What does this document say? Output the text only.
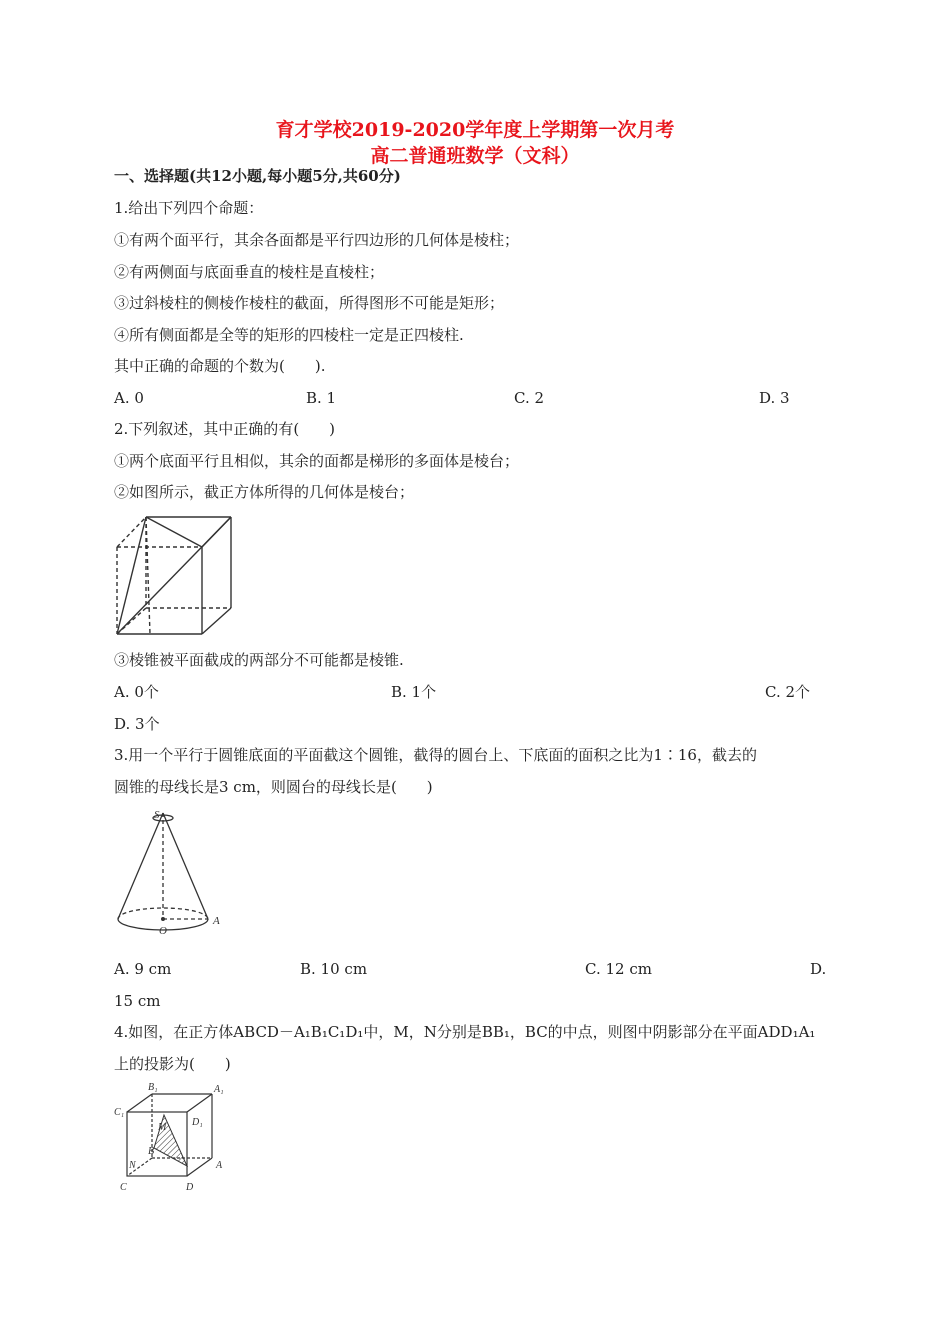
育才学校2019-2020学年度上学期第一次月考
高二普通班数学（文科）
一、选择题(共12小题,每小题5分,共60分)
1.给出下列四个命题：
①有两个面平行，其余各面都是平行四边形的几何体是棱柱；
②有两侧面与底面垂直的棱柱是直棱柱；
③过斜棱柱的侧棱作棱柱的截面，所得图形不可能是矩形；
④所有侧面都是全等的矩形的四棱柱一定是正四棱柱.
其中正确的命题的个数为(　　).
A. 0	B. 1	C. 2	D. 3
2.下列叙述，其中正确的有(　　)
①两个底面平行且相似，其余的面都是梯形的多面体是棱台；
②如图所示，截正方体所得的几何体是棱台；
③棱锥被平面截成的两部分不可能都是棱锥.
A. 0个	B. 1个	C. 2个
D. 3个
3.用一个平行于圆锥底面的平面截这个圆锥，截得的圆台上、下底面的面积之比为1∶16，截去的
圆锥的母线长是3 cm，则圆台的母线长是(　　)
S
O
A
A. 9 cm	B. 10 cm	C. 12 cm	D.
15 cm
4.如图，在正方体ABCD－A₁B₁C₁D₁中，M，N分别是BB₁，BC的中点，则图中阴影部分在平面ADD₁A₁
上的投影为(　　)
B₁	A₁
C₁
D₁
M
B
N	A
C	D
